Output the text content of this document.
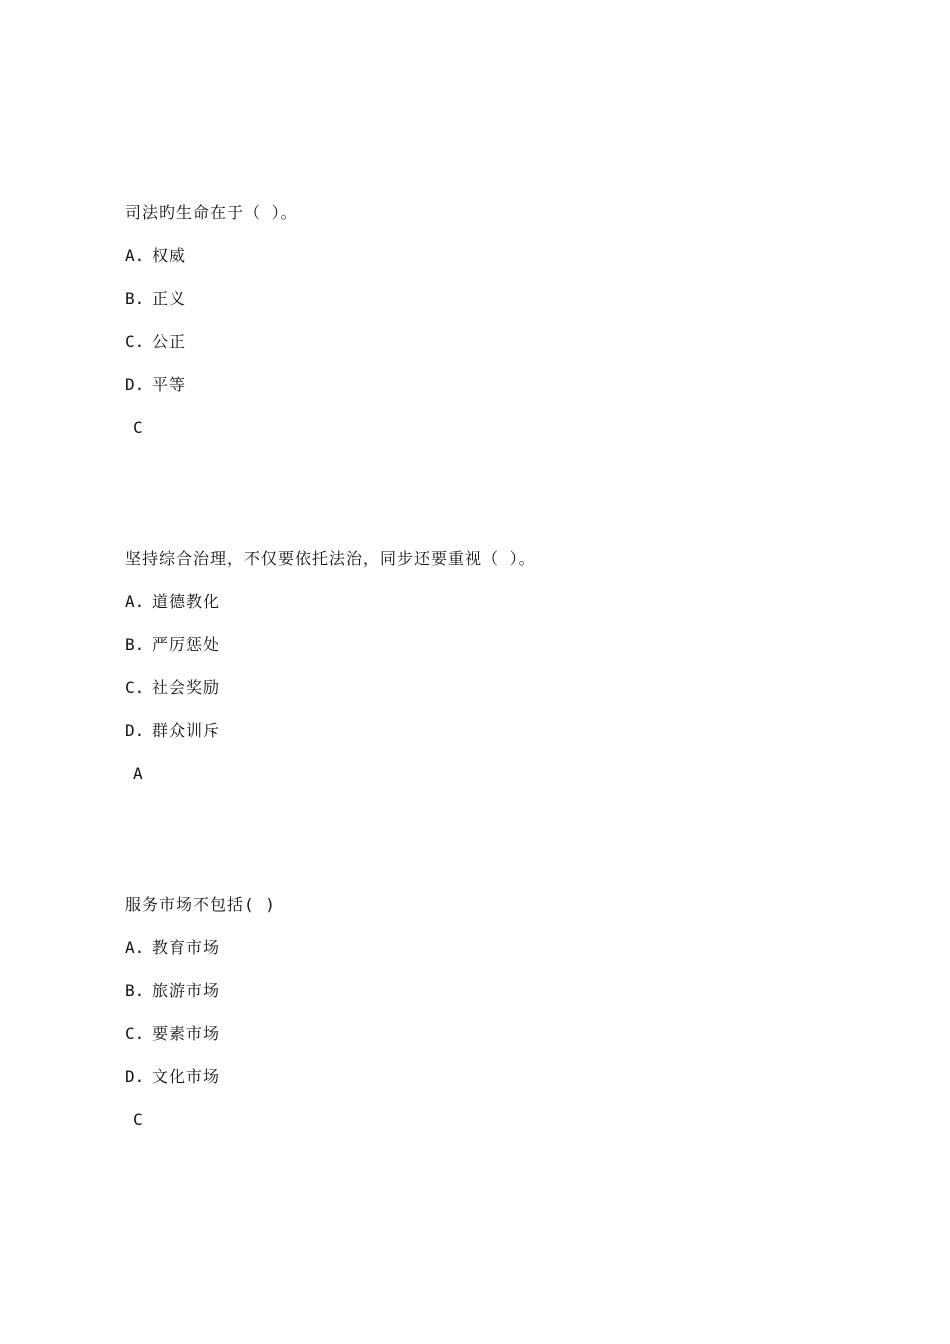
司法旳生命在于（ ）。
A. 权威
B. 正义
C. 公正
D. 平等
C
坚持综合治理，不仅要依托法治，同步还要重视（ ）。
A. 道德教化
B. 严厉惩处
C. 社会奖励
D. 群众训斥
A
服务市场不包括( )
A. 教育市场
B. 旅游市场
C. 要素市场
D. 文化市场
C
